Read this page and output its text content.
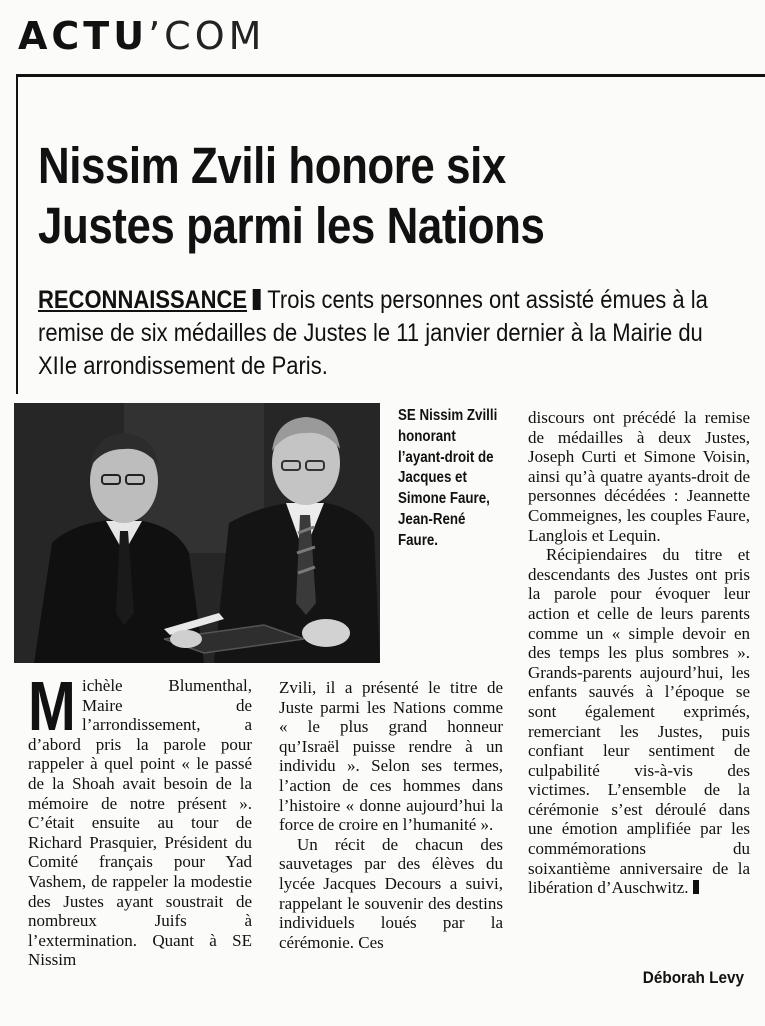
ACTU’COM
Nissim Zvili honore six
Justes parmi les Nations
RECONNAISSANCE Trois cents personnes ont assisté émues à la remise de six médailles de Justes le 11 janvier dernier à la Mairie du XIIe arrondissement de Paris.
SE Nissim Zvilli honorant l’ayant-droit de Jacques et Simone Faure, Jean-René Faure.
M ichèle Blumenthal, Maire de l’arrondissement, a d’abord pris la parole pour rappeler à quel point « le passé de la Shoah avait besoin de la mémoire de notre présent ». C’était ensuite au tour de Richard Prasquier, Président du Comité français pour Yad Vashem, de rappeler la modestie des Justes ayant soustrait de nombreux Juifs à l’extermination. Quant à SE Nissim

Zvili, il a présenté le titre de Juste parmi les Nations comme « le plus grand honneur qu’Israël puisse rendre à un individu ». Selon ses termes, l’action de ces hommes dans l’histoire « donne aujourd’hui la force de croire en l’humanité ».

Un récit de chacun des sauvetages par des élèves du lycée Jacques Decours a suivi, rappelant le souvenir des destins individuels loués par la cérémonie. Ces

discours ont précédé la remise de médailles à deux Justes, Joseph Curti et Simone Voisin, ainsi qu’à quatre ayants-droit de personnes décédées : Jeannette Commeignes, les couples Faure, Langlois et Lequin.

Récipiendaires du titre et descendants des Justes ont pris la parole pour évoquer leur action et celle de leurs parents comme un « simple devoir en des temps les plus sombres ». Grands-parents aujourd’hui, les enfants sauvés à l’époque se sont également exprimés, remerciant les Justes, puis confiant leur sentiment de culpabilité vis-à-vis des victimes. L’ensemble de la cérémonie s’est déroulé dans une émotion amplifiée par les commémorations du soixantième anniversaire de la libération d’Auschwitz.

Déborah Levy
